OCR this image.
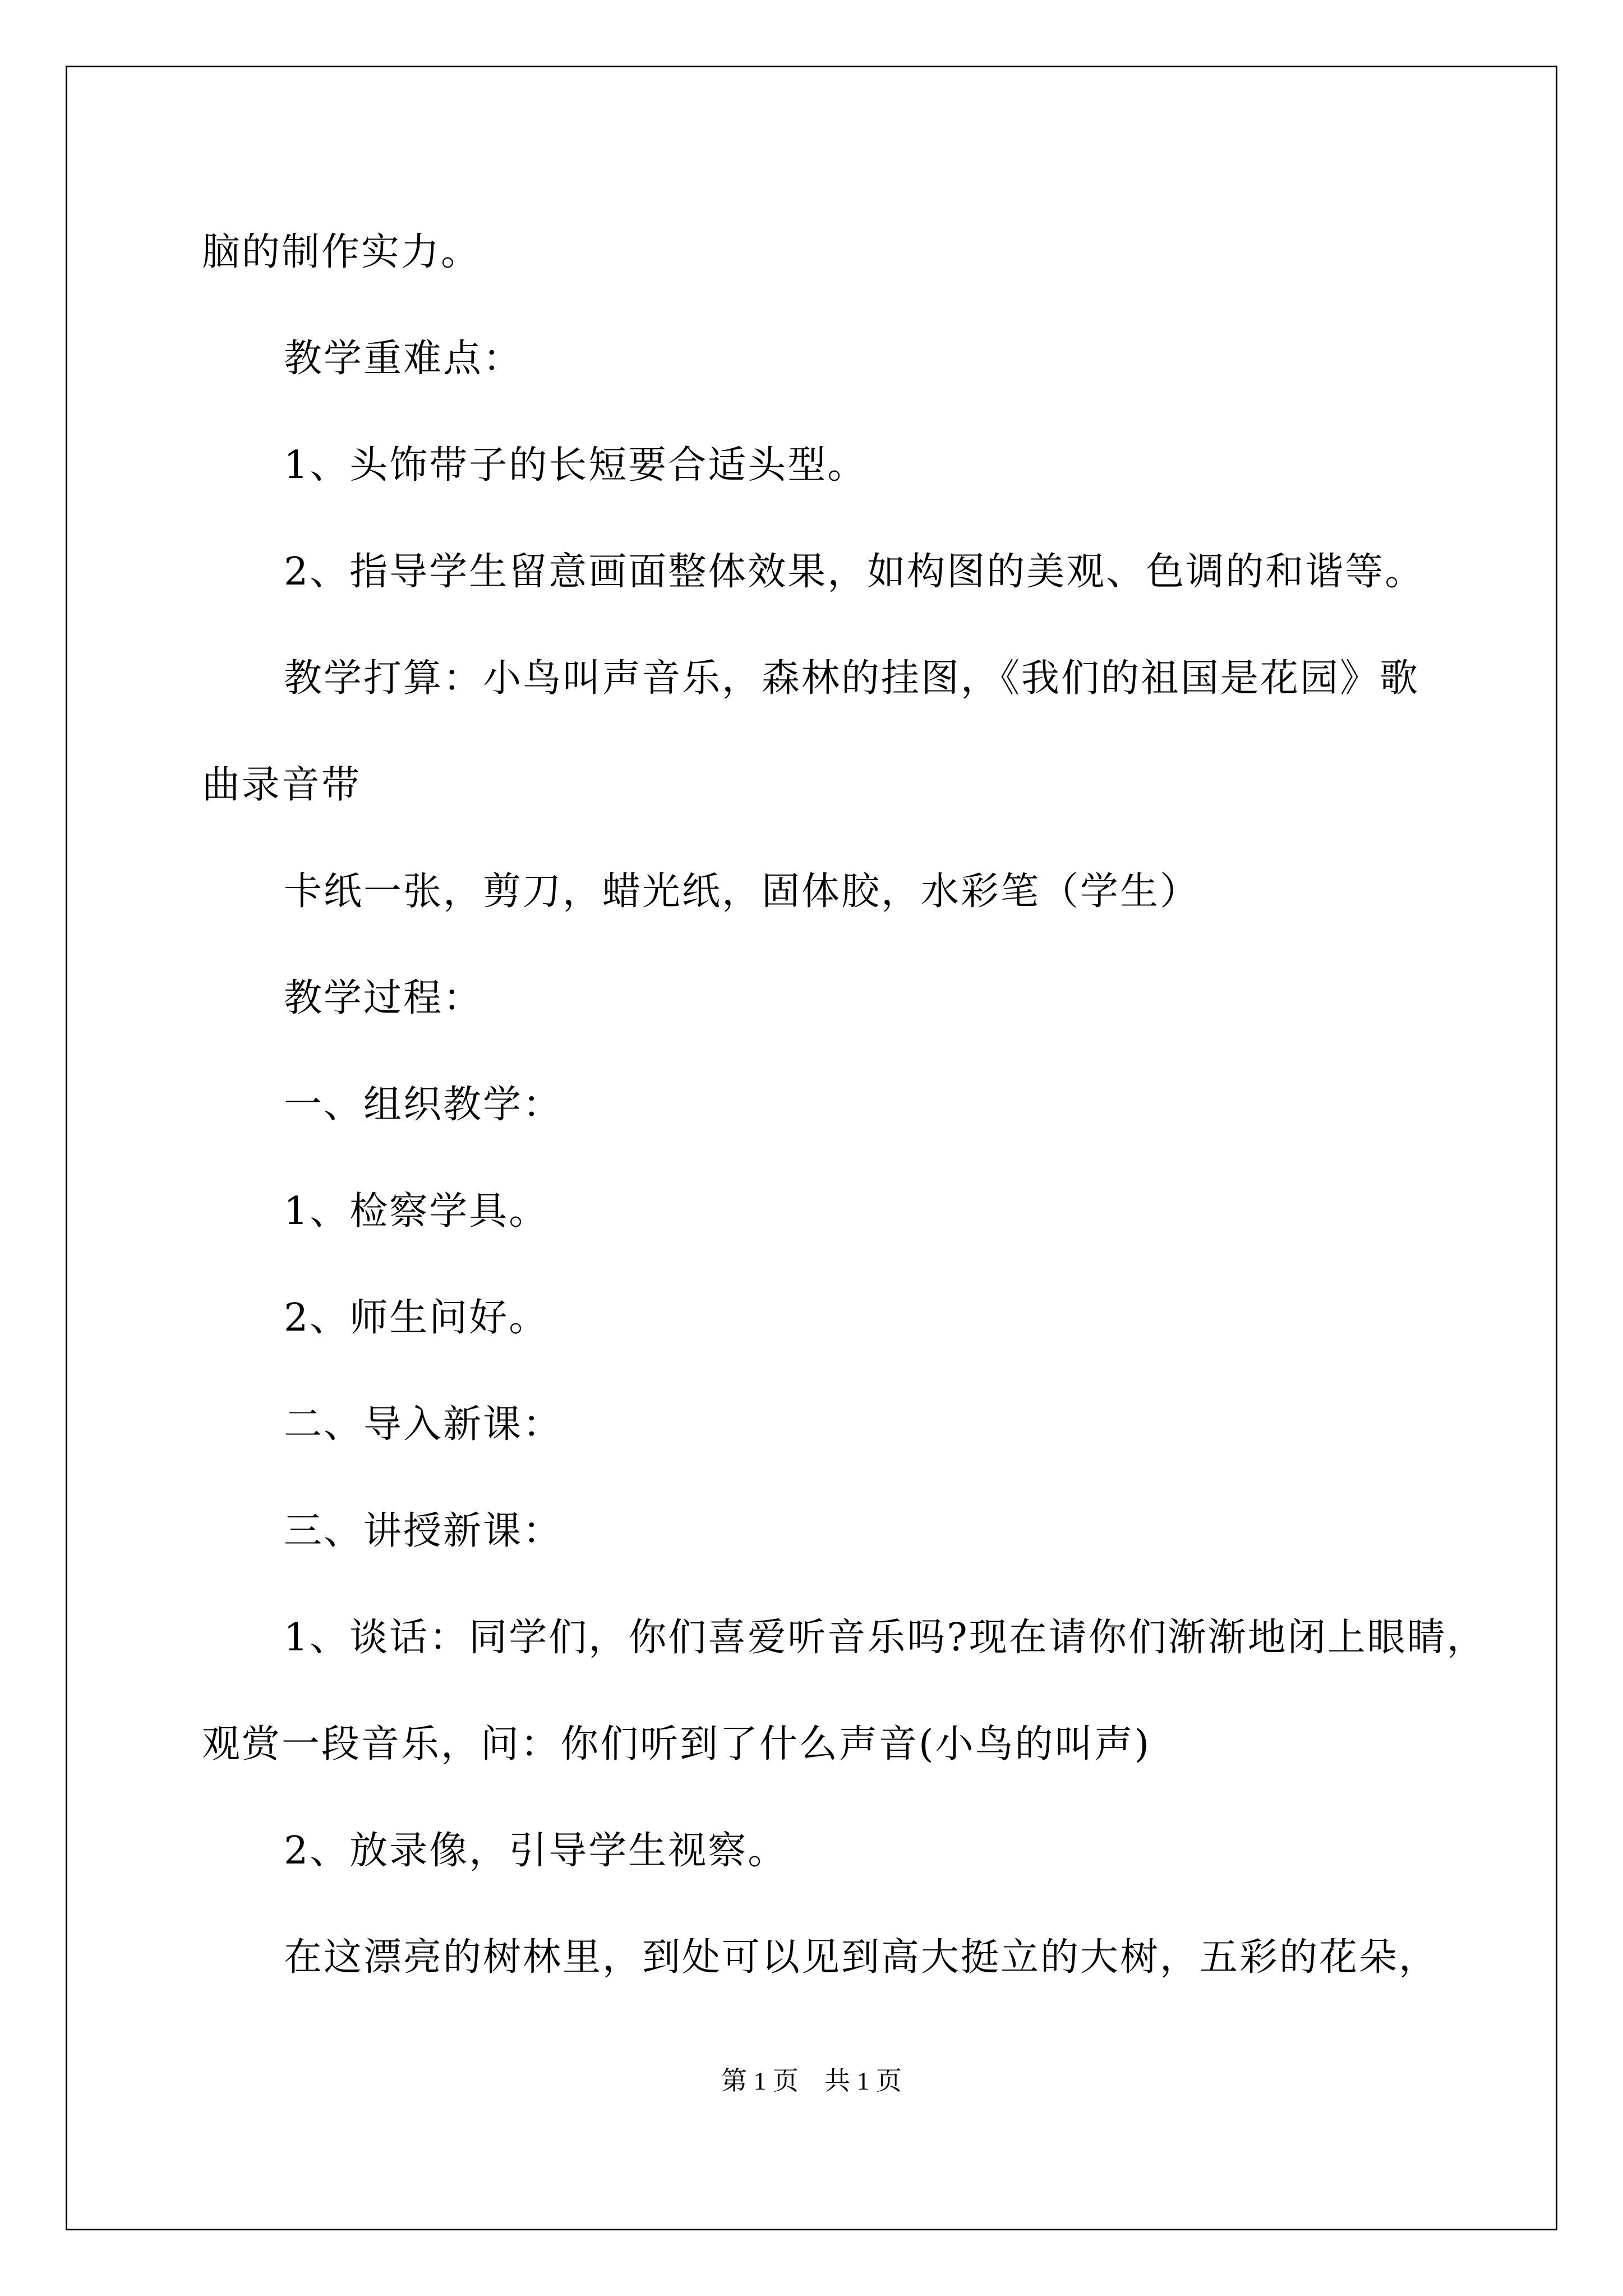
脑的制作实力。
教学重难点：
1、头饰带子的长短要合适头型。
2、指导学生留意画面整体效果，如构图的美观、色调的和谐等。
教学打算：小鸟叫声音乐，森林的挂图，《我们的祖国是花园》歌
曲录音带
卡纸一张，剪刀，蜡光纸，固体胶，水彩笔（学生）
教学过程：
一、组织教学：
1、检察学具。
2、师生问好。
二、导入新课：
三、讲授新课：
1、谈话：同学们，你们喜爱听音乐吗?现在请你们渐渐地闭上眼睛，
观赏一段音乐，问：你们听到了什么声音(小鸟的叫声)
2、放录像，引导学生视察。
在这漂亮的树林里，到处可以见到高大挺立的大树，五彩的花朵，
第 1 页 共 1 页
